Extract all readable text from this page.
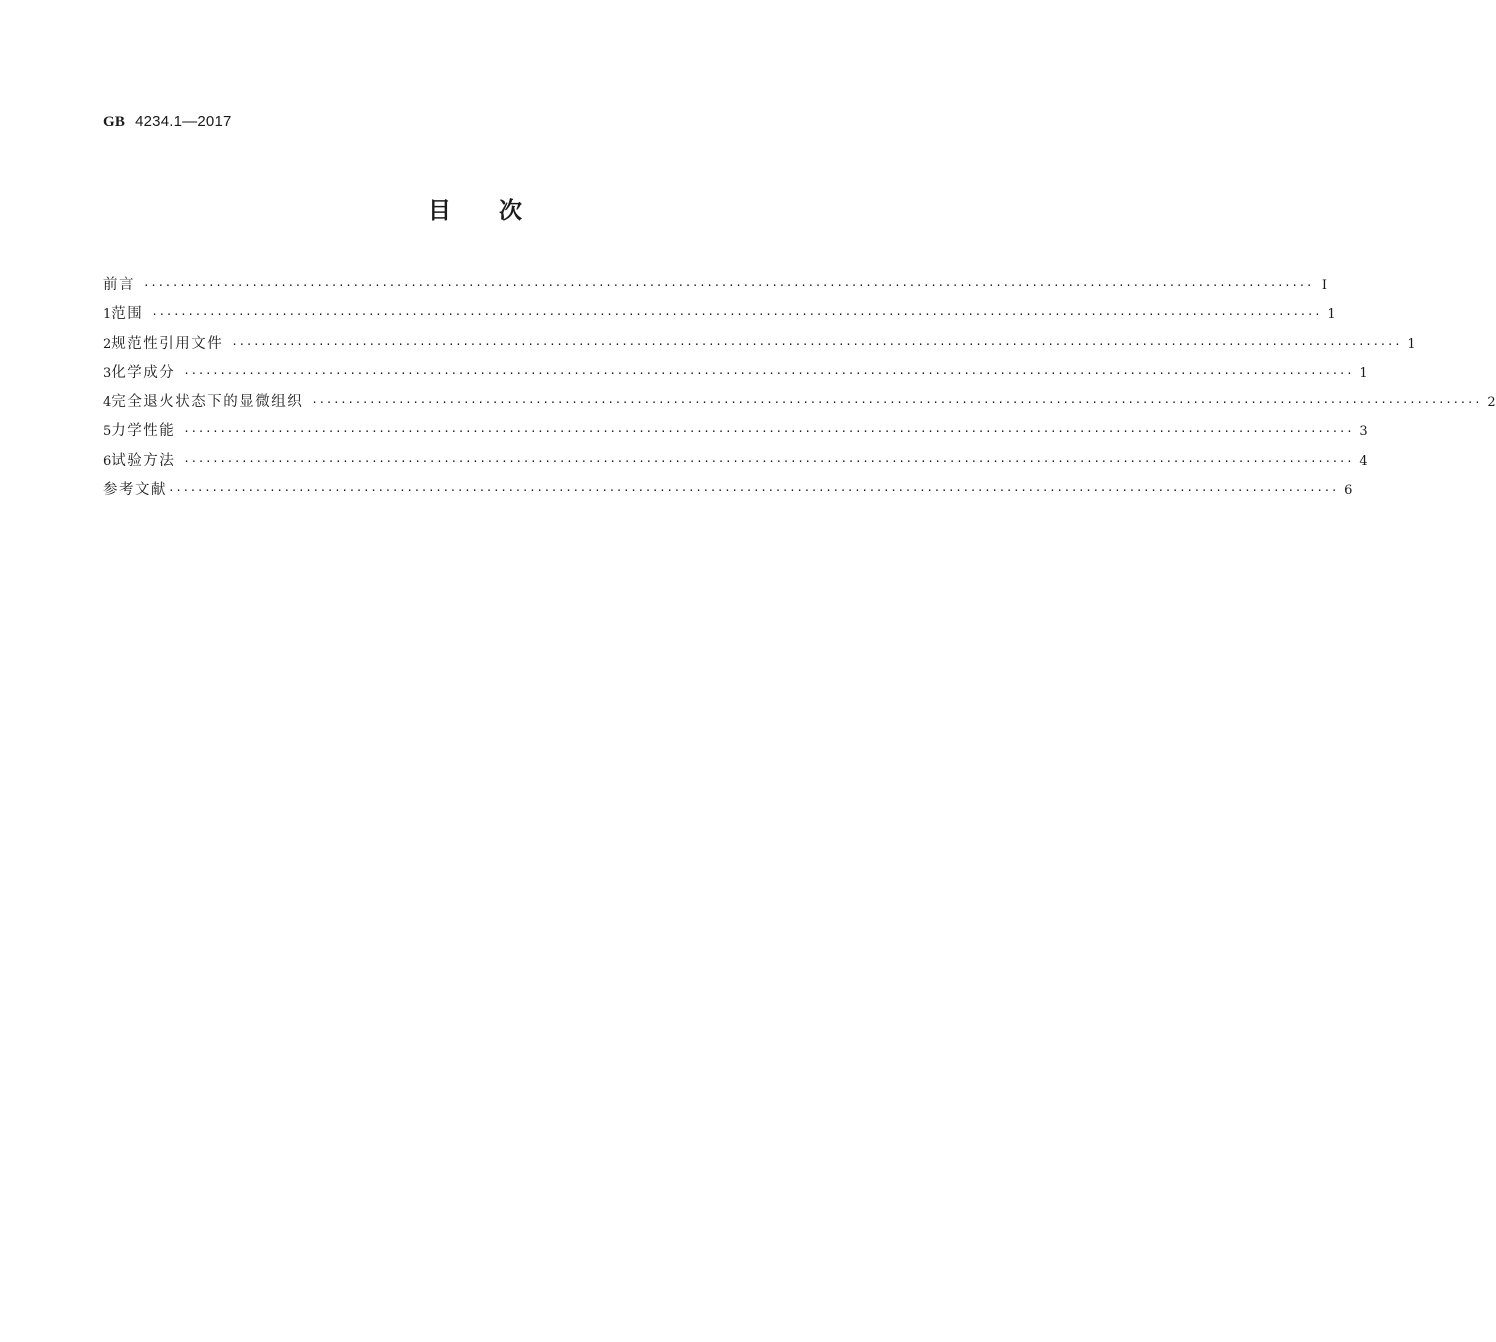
GB 4234.1—2017
目 次
前言 ·································································································································································· Ⅰ
1 范围 ·································································································································································· 1
2 规范性引用文件 ·································································································································································· 1
3 化学成分 ·································································································································································· 1
4 完全退火状态下的显微组织 ·································································································································································· 2
5 力学性能 ·································································································································································· 3
6 试验方法 ·································································································································································· 4
参考文献 ·································································································································································· 6
